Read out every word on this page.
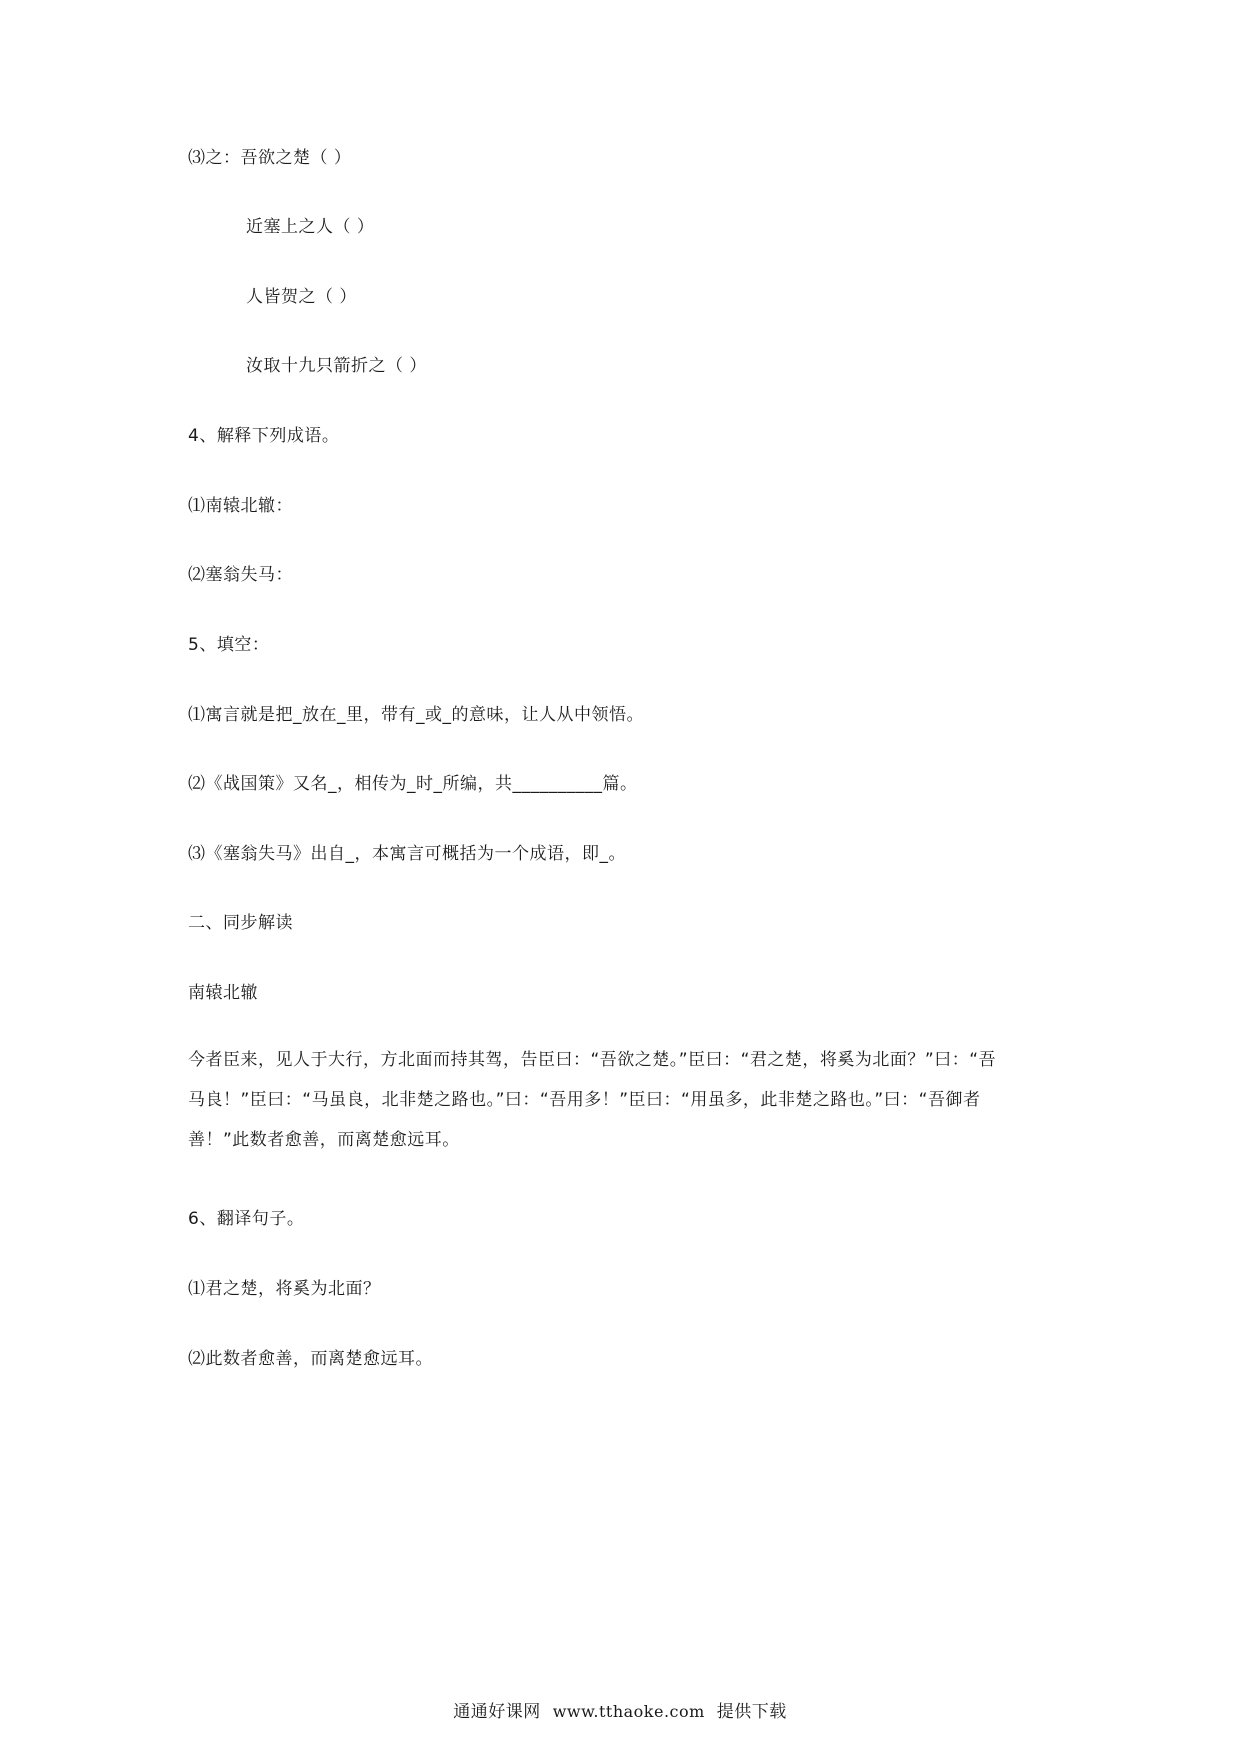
⑶之：吾欲之楚（ ）
近塞上之人（ ）
人皆贺之（ ）
汝取十九只箭折之（ ）
4、解释下列成语。
⑴南辕北辙：
⑵塞翁失马：
5、填空：
⑴寓言就是把_放在_里，带有_或_的意味，让人从中领悟。
⑵《战国策》又名_，相传为_时_所编，共__________篇。
⑶《塞翁失马》出自_，本寓言可概括为一个成语，即_。
二、同步解读
南辕北辙
今者臣来，见人于大行，方北面而持其驾，告臣曰：“吾欲之楚。”臣曰：“君之楚，将奚为北面？”曰：“吾
马良！”臣曰：“马虽良，北非楚之路也。”曰：“吾用多！”臣曰：“用虽多，此非楚之路也。”曰：“吾御者
善！”此数者愈善，而离楚愈远耳。
6、翻译句子。
⑴君之楚，将奚为北面？
⑵此数者愈善，而离楚愈远耳。
通通好课网 www.tthaoke.com 提供下载
